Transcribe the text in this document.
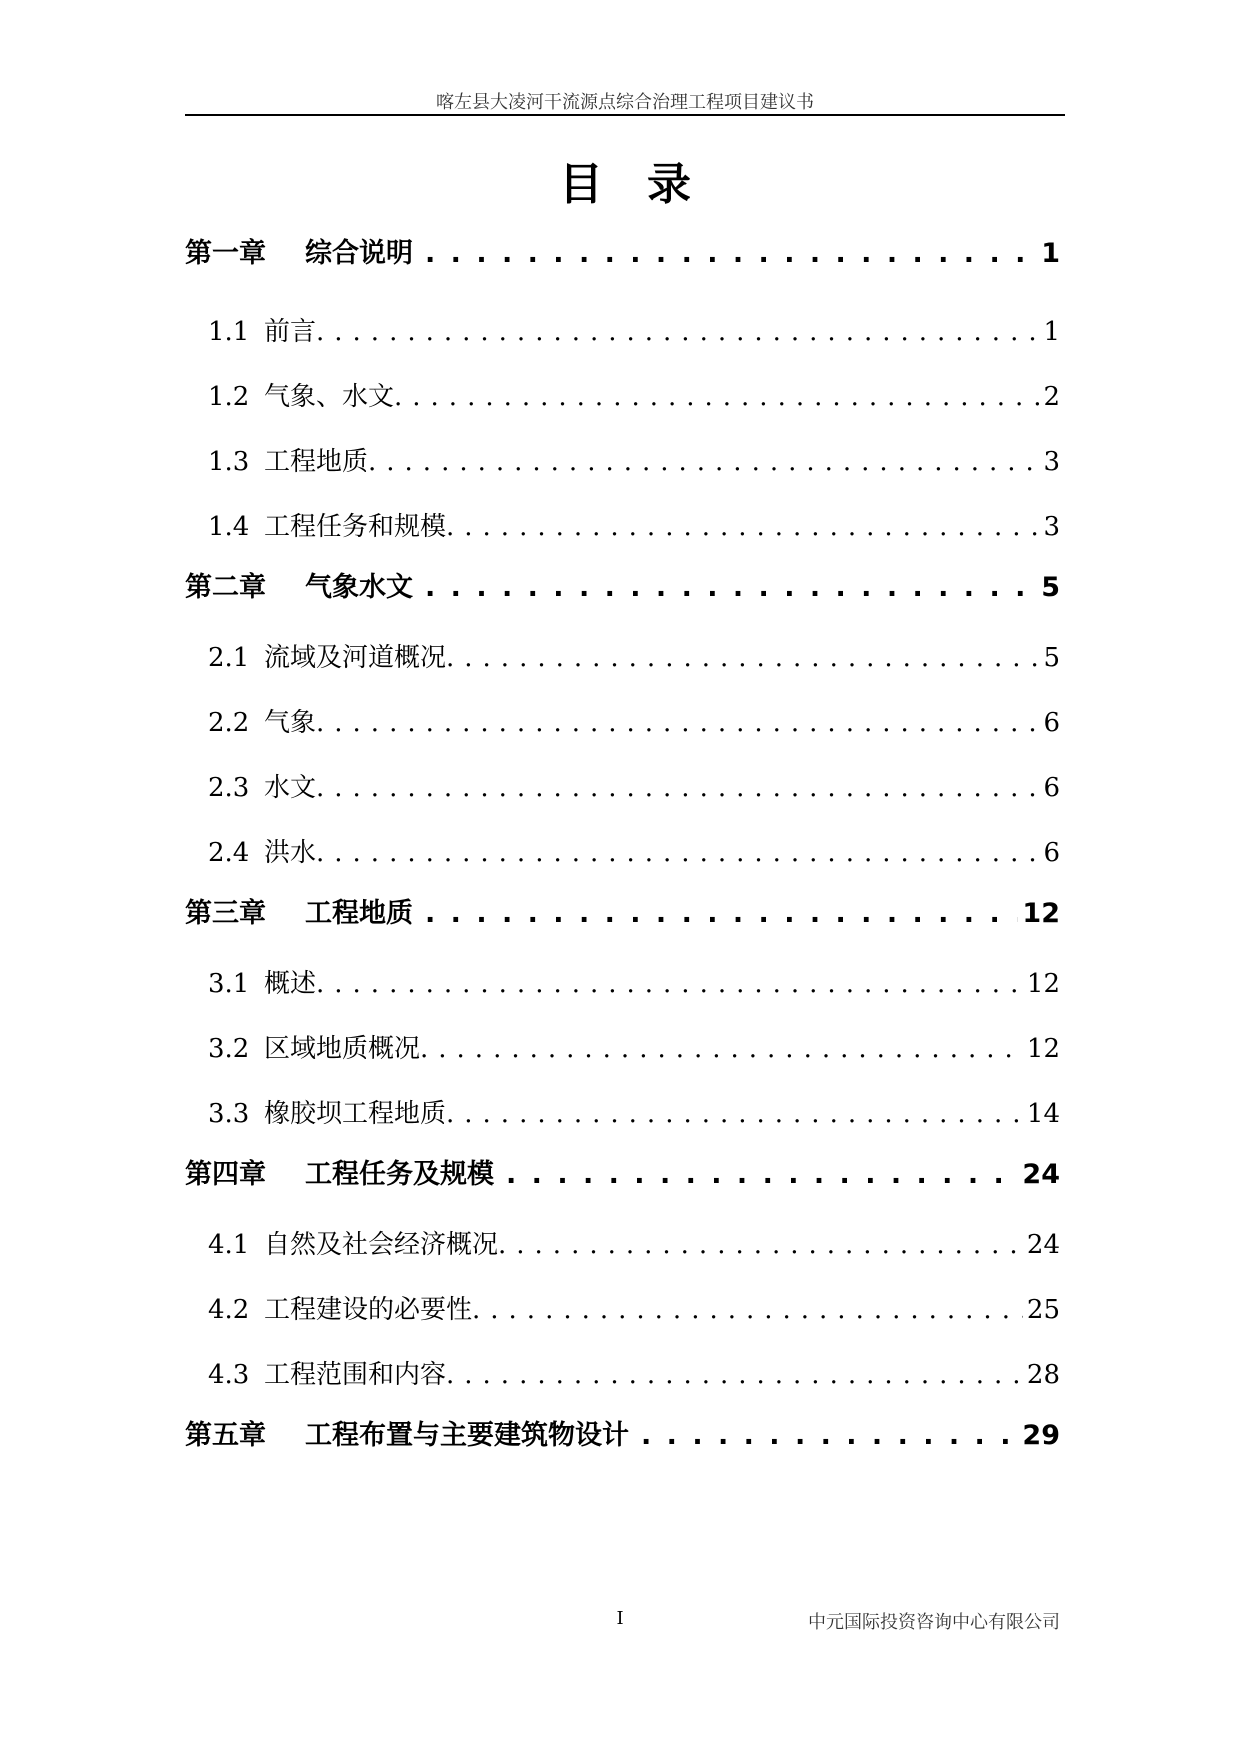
喀左县大凌河干流源点综合治理工程项目建议书
目录
第一章	综合说明 . . .	1
1.1 前言 .....	1
1.2 气象、水文 .....	2
1.3 工程地质 .....	3
1.4 工程任务和规模 .....	3
第二章	气象水文 . . .	5
2.1 流域及河道概况 .....	5
2.2 气象 .....	6
2.3 水文 .....	6
2.4 洪水 .....	6
第三章	工程地质 . . .	12
3.1 概述 .....	12
3.2 区域地质概况 .....	12
3.3 橡胶坝工程地质 .....	14
第四章	工程任务及规模 . . .	24
4.1 自然及社会经济概况 .....	24
4.2 工程建设的必要性 .....	25
4.3 工程范围和内容 .....	28
第五章	工程布置与主要建筑物设计 . . .	29
I	中元国际投资咨询中心有限公司
